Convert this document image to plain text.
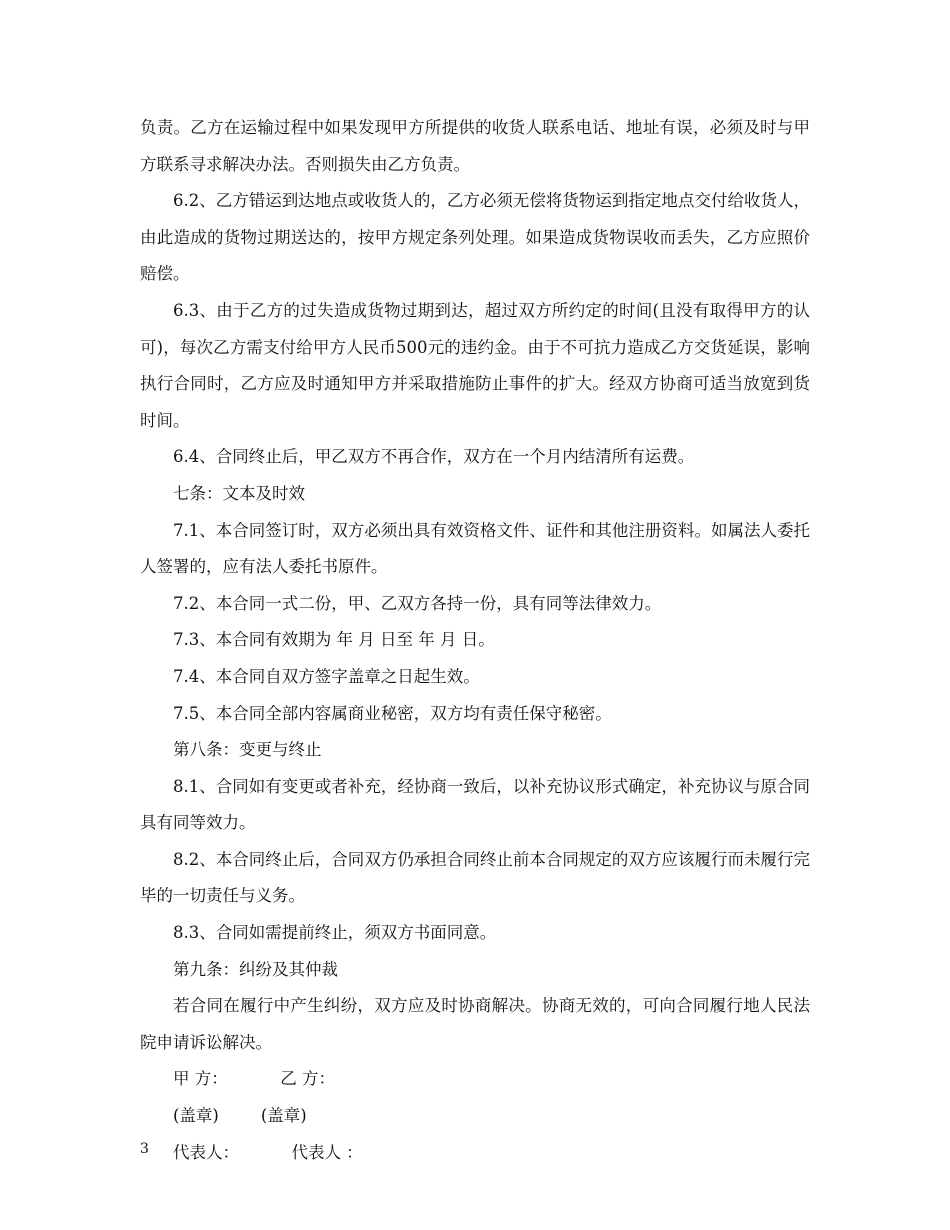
负责。乙方在运输过程中如果发现甲方所提供的收货人联系电话、地址有误，必须及时与甲方联系寻求解决办法。否则损失由乙方负责。

6.2、乙方错运到达地点或收货人的，乙方必须无偿将货物运到指定地点交付给收货人，由此造成的货物过期送达的，按甲方规定条列处理。如果造成货物误收而丢失，乙方应照价赔偿。

6.3、由于乙方的过失造成货物过期到达，超过双方所约定的时间(且没有取得甲方的认可)，每次乙方需支付给甲方人民币500元的违约金。由于不可抗力造成乙方交货延误，影响执行合同时，乙方应及时通知甲方并采取措施防止事件的扩大。经双方协商可适当放宽到货时间。

6.4、合同终止后，甲乙双方不再合作，双方在一个月内结清所有运费。

七条：文本及时效

7.1、本合同签订时，双方必须出具有效资格文件、证件和其他注册资料。如属法人委托人签署的，应有法人委托书原件。

7.2、本合同一式二份，甲、乙双方各持一份，具有同等法律效力。

7.3、本合同有效期为 年 月 日至 年 月 日。

7.4、本合同自双方签字盖章之日起生效。

7.5、本合同全部内容属商业秘密，双方均有责任保守秘密。

第八条：变更与终止

8.1、合同如有变更或者补充，经协商一致后，以补充协议形式确定，补充协议与原合同具有同等效力。

8.2、本合同终止后，合同双方仍承担合同终止前本合同规定的双方应该履行而未履行完毕的一切责任与义务。

8.3、合同如需提前终止，须双方书面同意。

第九条：纠纷及其仲裁

若合同在履行中产生纠纷，双方应及时协商解决。协商无效的，可向合同履行地人民法院申请诉讼解决。

甲 方：	乙 方：

(盖章)	(盖章)

代表人：	代表人 ：

3
